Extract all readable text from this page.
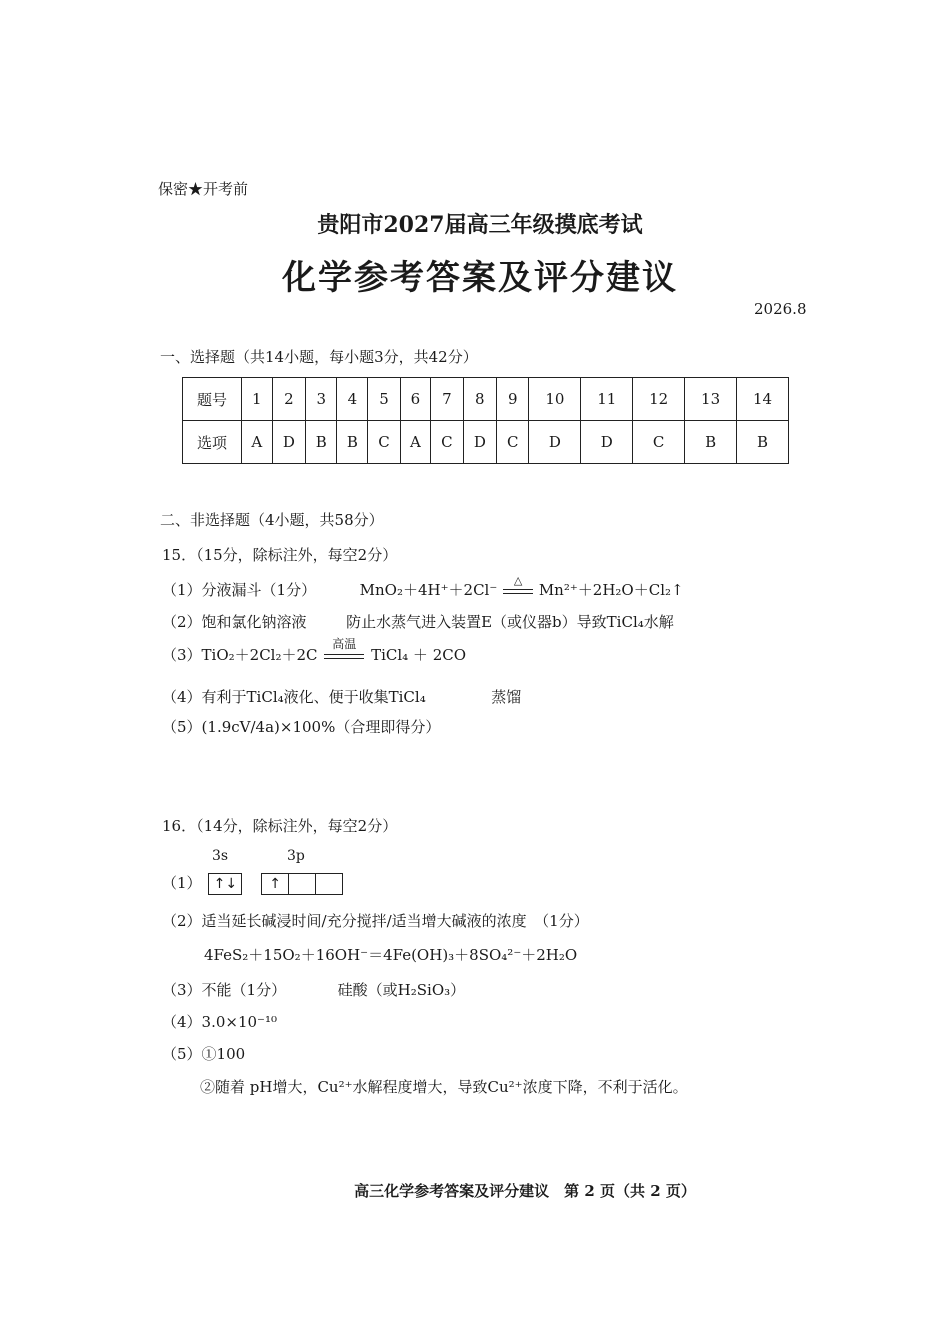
保密★开考前
贵阳市2027届高三年级摸底考试
化学参考答案及评分建议
2026.8
一、选择题（共14小题，每小题3分，共42分）
题号	1	2	3	4	5	6	7	8	9	10	11	12	13	14
选项	A	D	B	B	C	A	C	D	C	D	D	C	B	B
二、非选择题（4小题，共58分）
15．（15分，除标注外，每空2分）
（1）分液漏斗（1分）	MnO₂＋4H⁺＋2Cl⁻
△
Mn²⁺＋2H₂O＋Cl₂↑
（2）饱和氯化钠溶液	防止水蒸气进入装置E（或仪器b）导致TiCl₄水解
（3）TiO₂＋2Cl₂＋2C
高温
TiCl₄ ＋ 2CO
（4）有利于TiCl₄液化、便于收集TiCl₄	蒸馏
（5）(1.9cV/4a)×100%（合理即得分）
16．（14分，除标注外，每空2分）
3s	3p
（1） ↑↓
	↑
（2）适当延长碱浸时间/充分搅拌/适当增大碱液的浓度　（1分）
4FeS₂＋15O₂＋16OH⁻＝4Fe(OH)₃＋8SO₄²⁻＋2H₂O
（3）不能（1分）	硅酸（或H₂SiO₃）
（4）3.0×10⁻¹⁰
（5）①100
②随着 pH增大，Cu²⁺水解程度增大，导致Cu²⁺浓度下降，不利于活化。
高三化学参考答案及评分建议　第 2 页（共 2 页）
